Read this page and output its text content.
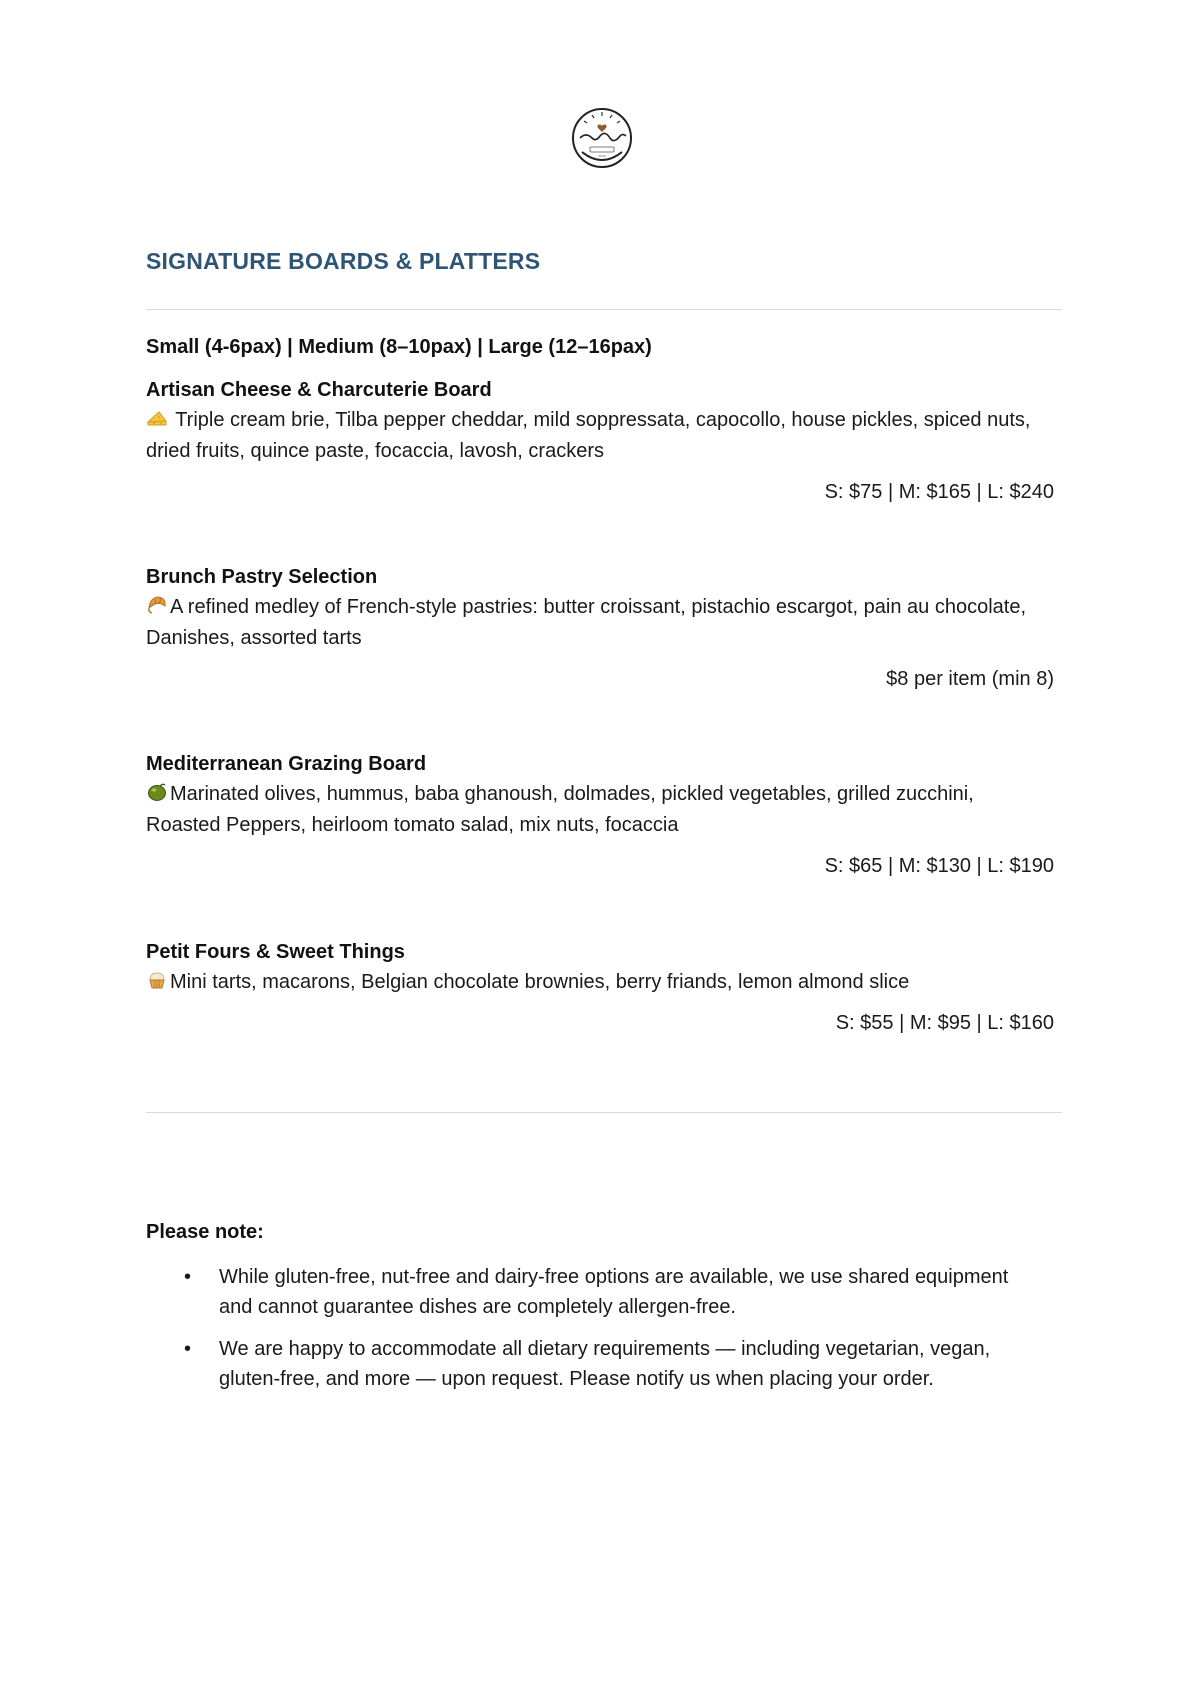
SIGNATURE BOARDS & PLATTERS
Small (4-6pax) | Medium (8–10pax) | Large (12–16pax)
Artisan Cheese & Charcuterie Board
Triple cream brie, Tilba pepper cheddar, mild soppressata, capocollo, house pickles, spiced nuts, dried fruits, quince paste, focaccia, lavosh, crackers
S: $75 | M: $165 | L: $240
Brunch Pastry Selection
A refined medley of French-style pastries: butter croissant, pistachio escargot, pain au chocolate, Danishes, assorted tarts
$8 per item (min 8)
Mediterranean Grazing Board
Marinated olives, hummus, baba ghanoush, dolmades, pickled vegetables, grilled zucchini, Roasted Peppers, heirloom tomato salad, mix nuts, focaccia
S: $65 | M: $130 | L: $190
Petit Fours & Sweet Things
Mini tarts, macarons, Belgian chocolate brownies, berry friands, lemon almond slice
S: $55 | M: $95 | L: $160
Please note:
• While gluten-free, nut-free and dairy-free options are available, we use shared equipment and cannot guarantee dishes are completely allergen-free.
• We are happy to accommodate all dietary requirements — including vegetarian, vegan, gluten-free, and more — upon request. Please notify us when placing your order.
